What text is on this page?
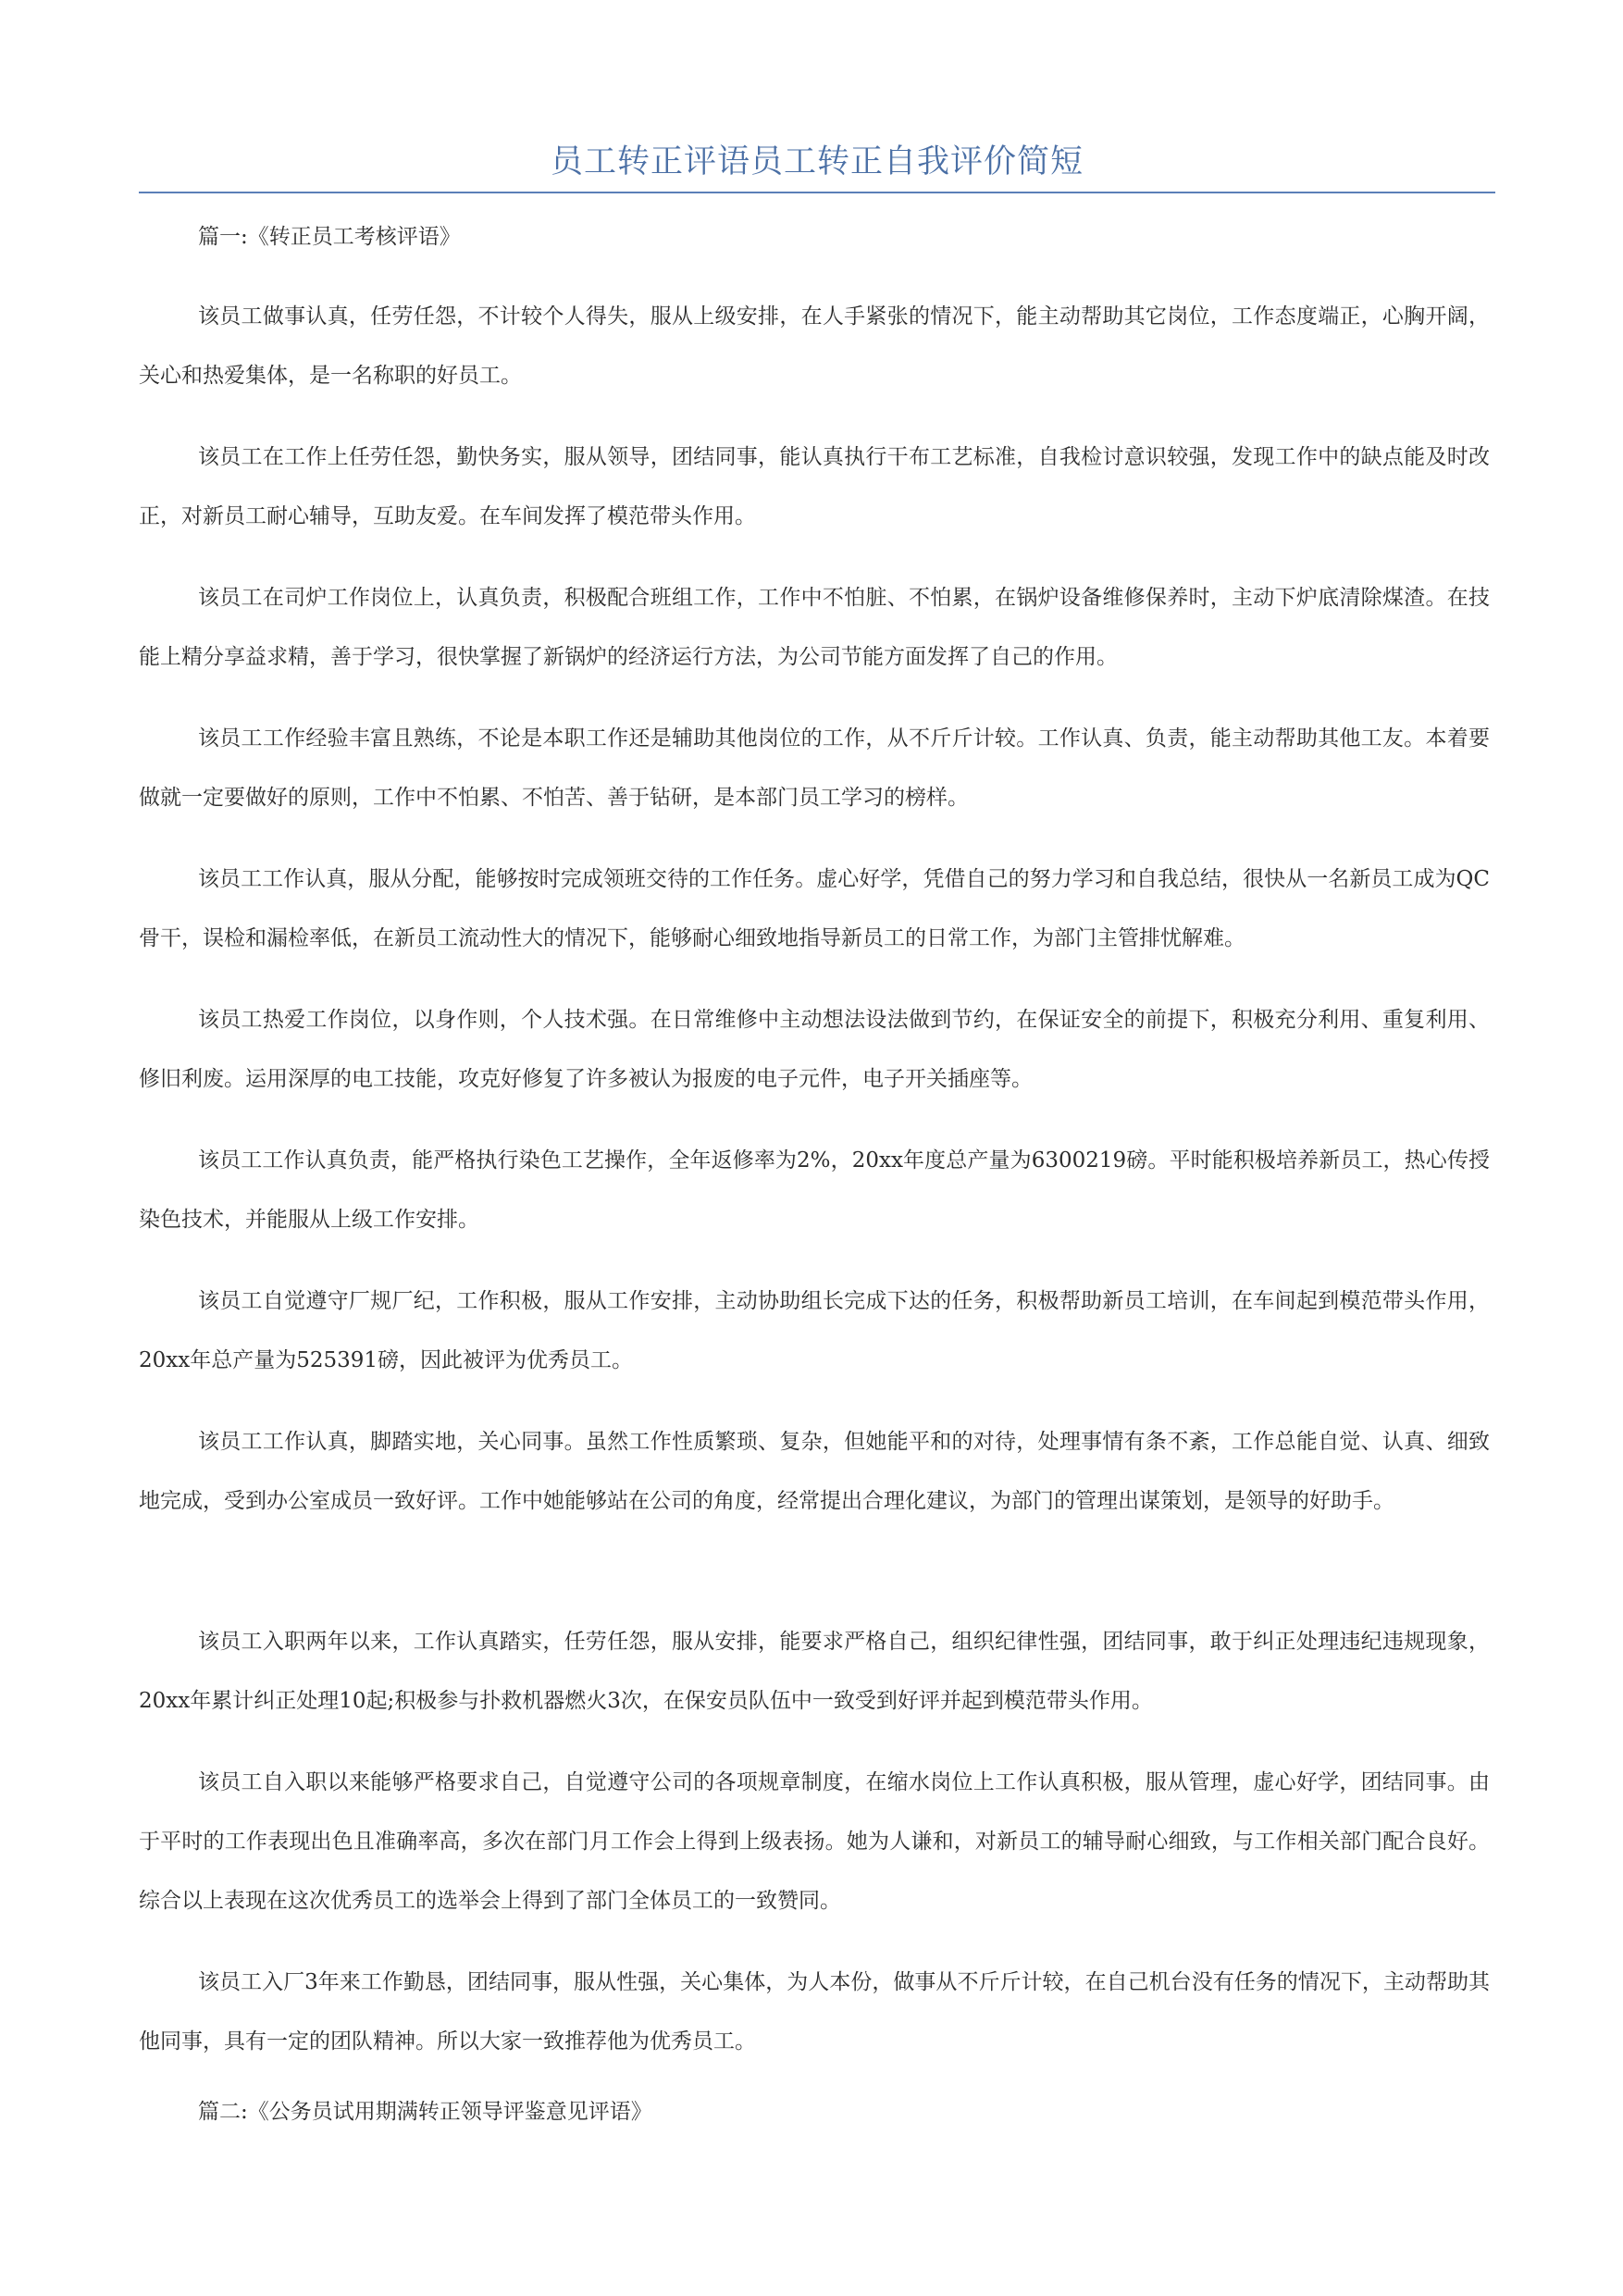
员工转正评语员工转正自我评价简短

篇一:《转正员工考核评语》

该员工做事认真，任劳任怨，不计较个人得失，服从上级安排，在人手紧张的情况下，能主动帮助其它岗位，工作态度端正，心胸开阔，关心和热爱集体，是一名称职的好员工。

该员工在工作上任劳任怨，勤快务实，服从领导，团结同事，能认真执行干布工艺标准，自我检讨意识较强，发现工作中的缺点能及时改正，对新员工耐心辅导，互助友爱。在车间发挥了模范带头作用。

该员工在司炉工作岗位上，认真负责，积极配合班组工作，工作中不怕脏、不怕累，在锅炉设备维修保养时，主动下炉底清除煤渣。在技能上精分享益求精，善于学习，很快掌握了新锅炉的经济运行方法，为公司节能方面发挥了自己的作用。

该员工工作经验丰富且熟练，不论是本职工作还是辅助其他岗位的工作，从不斤斤计较。工作认真、负责，能主动帮助其他工友。本着要做就一定要做好的原则，工作中不怕累、不怕苦、善于钻研，是本部门员工学习的榜样。

该员工工作认真，服从分配，能够按时完成领班交待的工作任务。虚心好学，凭借自己的努力学习和自我总结，很快从一名新员工成为QC骨干，误检和漏检率低，在新员工流动性大的情况下，能够耐心细致地指导新员工的日常工作，为部门主管排忧解难。

该员工热爱工作岗位，以身作则，个人技术强。在日常维修中主动想法设法做到节约，在保证安全的前提下，积极充分利用、重复利用、修旧利废。运用深厚的电工技能，攻克好修复了许多被认为报废的电子元件，电子开关插座等。

该员工工作认真负责，能严格执行染色工艺操作，全年返修率为2%，20xx年度总产量为6300219磅。平时能积极培养新员工，热心传授染色技术，并能服从上级工作安排。

该员工自觉遵守厂规厂纪，工作积极，服从工作安排，主动协助组长完成下达的任务，积极帮助新员工培训，在车间起到模范带头作用，20xx年总产量为525391磅，因此被评为优秀员工。

该员工工作认真，脚踏实地，关心同事。虽然工作性质繁琐、复杂，但她能平和的对待，处理事情有条不紊，工作总能自觉、认真、细致地完成，受到办公室成员一致好评。工作中她能够站在公司的角度，经常提出合理化建议，为部门的管理出谋策划，是领导的好助手。

该员工入职两年以来，工作认真踏实，任劳任怨，服从安排，能要求严格自己，组织纪律性强，团结同事，敢于纠正处理违纪违规现象，20xx年累计纠正处理10起;积极参与扑救机器燃火3次，在保安员队伍中一致受到好评并起到模范带头作用。

该员工自入职以来能够严格要求自己，自觉遵守公司的各项规章制度，在缩水岗位上工作认真积极，服从管理，虚心好学，团结同事。由于平时的工作表现出色且准确率高，多次在部门月工作会上得到上级表扬。她为人谦和，对新员工的辅导耐心细致，与工作相关部门配合良好。综合以上表现在这次优秀员工的选举会上得到了部门全体员工的一致赞同。

该员工入厂3年来工作勤恳，团结同事，服从性强，关心集体，为人本份，做事从不斤斤计较，在自己机台没有任务的情况下，主动帮助其他同事，具有一定的团队精神。所以大家一致推荐他为优秀员工。

篇二:《公务员试用期满转正领导评鉴意见评语》
